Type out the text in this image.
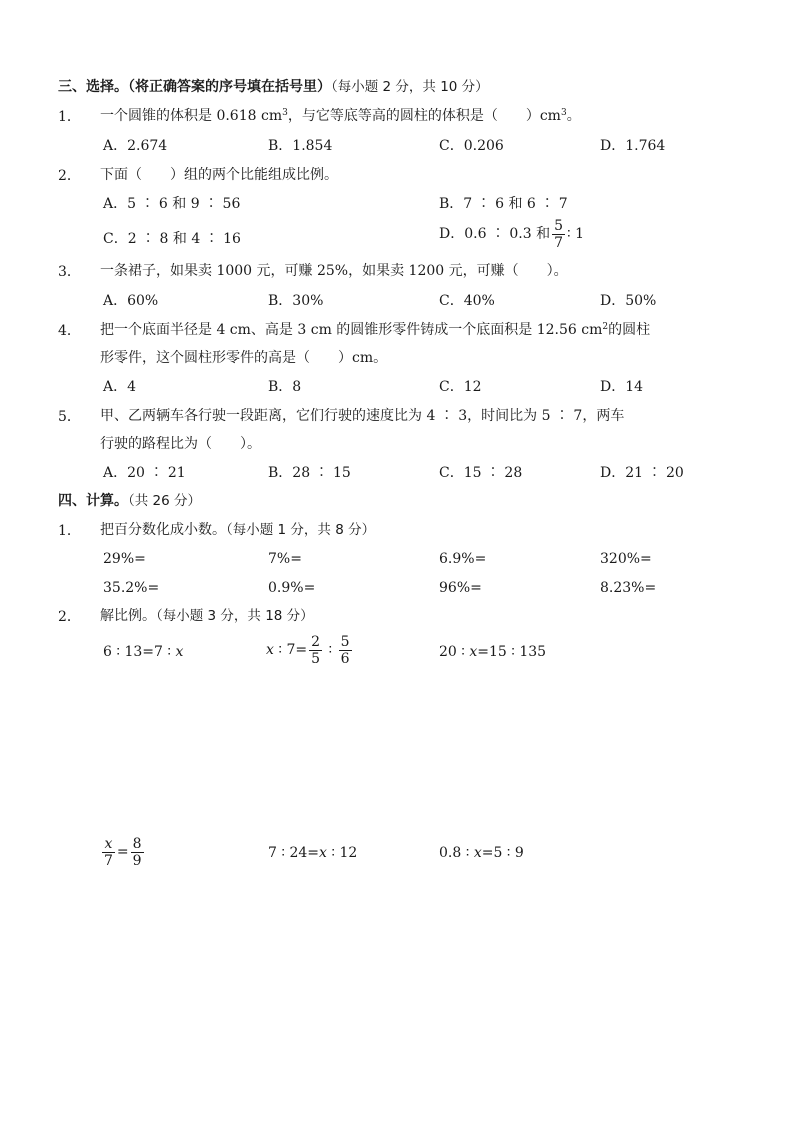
三、选择。（将正确答案的序号填在括号里）（每小题 2 分，共 10 分）
1． 一个圆锥的体积是 0.618 $cm^3$，与它等底等高的圆柱的体积是（　　）$cm^3$。
A．2.674	B．1.854	C．0.206	D．1.764
2． 下面（　　）组的两个比能组成比例。
A．5 ∶ 6 和 9 ∶ 56	B．7 ∶ 6 和 6 ∶ 7
C．2 ∶ 8 和 4 ∶ 16	D．0.6 ∶ 0.3 和 $\frac{5}{7}$ ∶ 1
3． 一条裙子，如果卖 1000 元，可赚 25%，如果卖 1200 元，可赚（　　）。
A．60%	B．30%	C．40%	D．50%
4． 把一个底面半径是 4 cm、高是 3 cm 的圆锥形零件铸成一个底面积是 12.56 $cm^2$的圆柱
形零件，这个圆柱形零件的高是（　　）cm。
A．4	B．8	C．12	D．14
5． 甲、乙两辆车各行驶一段距离，它们行驶的速度比为 4 ∶ 3，时间比为 5 ∶ 7，两车
行驶的路程比为（　　）。
A．20 ∶ 21	B．28 ∶ 15	C．15 ∶ 28	D．21 ∶ 20
四、计算。（共 26 分）
1． 把百分数化成小数。（每小题 1 分，共 8 分）
29%=	7%=	6.9%=	320%=
35.2%=	0.9%=	96%=	8.23%=
2． 解比例。（每小题 3 分，共 18 分）
6 ∶ 13=7 ∶ x	x ∶ $7= \frac{2}{5}$ ∶ $\frac{5}{6}$	20 ∶ x=15 ∶ 135
$\frac{x}{7} = \frac{8}{9}$	7 ∶ 24=x ∶ 12	0.8 ∶ x=5 ∶ 9
